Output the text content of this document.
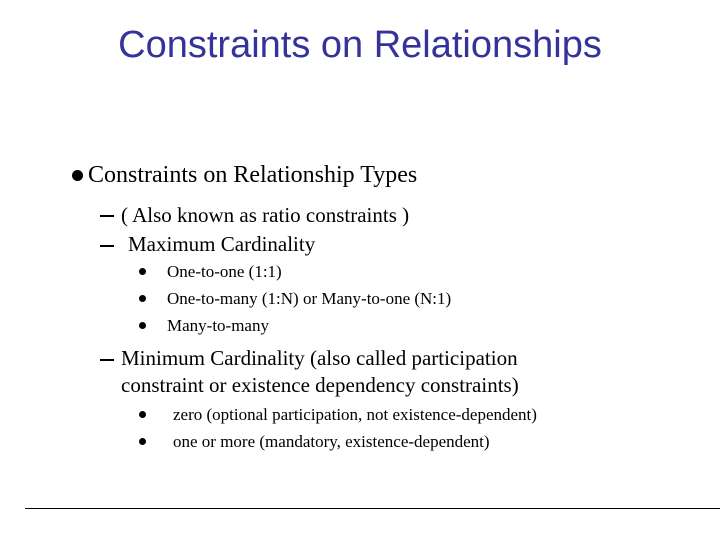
Constraints on Relationships
Constraints on Relationship Types
( Also known as ratio constraints )
Maximum Cardinality
One-to-one (1:1)
One-to-many (1:N) or Many-to-one (N:1)
Many-to-many
Minimum Cardinality (also called participation
constraint or existence dependency constraints)
zero (optional participation, not existence-dependent)
one or more (mandatory, existence-dependent)
